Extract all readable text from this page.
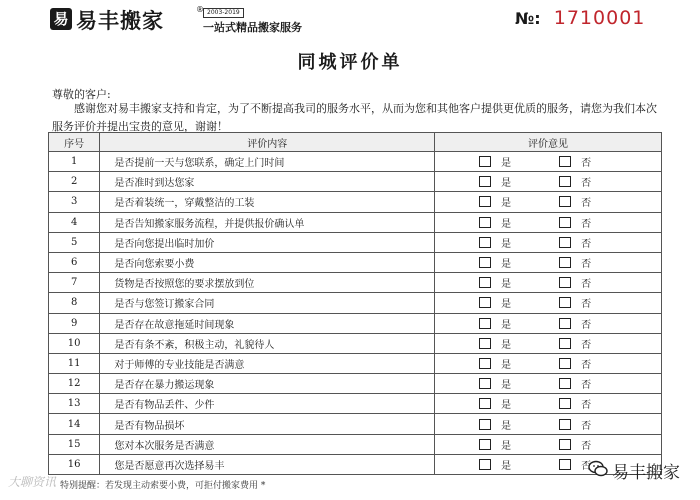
易 易丰搬家	® 2003-2019
一站式精品搬家服务	№: 1710001
同城评价单
尊敬的客户:
感谢您对易丰搬家支持和肯定，为了不断提高我司的服务水平，从而为您和其他客户提供更优质的服务，请您为我们本次服务评价并提出宝贵的意见，谢谢！
序号	评价内容	评价意见
1	是否提前一天与您联系，确定上门时间	是 否

2	是否准时到达您家	是 否

3	是否着装统一，穿戴整洁的工装	是 否

4	是否告知搬家服务流程，并提供报价确认单	是 否

5	是否向您提出临时加价	是 否

6	是否向您索要小费	是 否

7	货物是否按照您的要求摆放到位	是 否

8	是否与您签订搬家合同	是 否

9	是否存在故意拖延时间现象	是 否

10	是否有条不紊，积极主动，礼貌待人	是 否

11	对于师傅的专业技能是否满意	是 否

12	是否存在暴力搬运现象	是 否

13	是否有物品丢件、少件	是 否

14	是否有物品损坏	是 否

15	您对本次服务是否满意	是 否

16	您是否愿意再次选择易丰	是 否
大聊资讯 特别提醒：若发现主动索要小费，可拒付搬家费用 *
易丰搬家
